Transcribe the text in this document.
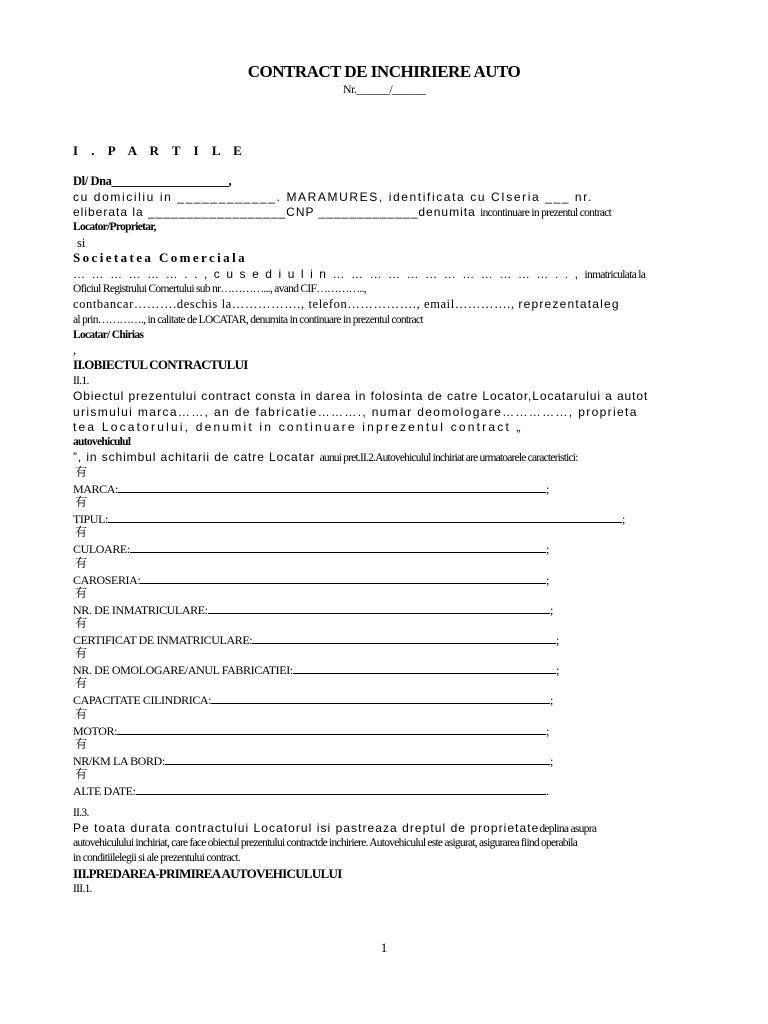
CONTRACT DE INCHIRIERE AUTO
Nr.______/______
I . P A R T I L E
Dl/ Dna____________________,
cu domiciliu in ____________. MARAMURES, identificata cu CIseria ___ nr.
eliberata la __________________CNP _____________denumita incontinuare in prezentul contract
Locator/Proprietar,
si
Societatea Comerciala
… … … … … … . . , c u s e d i u l i n … … … … … … … … … … … … . . , inmatriculata la
Oficiul Registrului Comertului sub nr…………..., avand CIF…………..,
contbancar……….deschis la……………., telefon……………., email…………., reprezentataleg
al prin…………., in calitate de LOCATAR, denumita in continuare in prezentul contract
Locatar/ Chirias
,
II.OBIECTUL CONTRACTULUI
II.1.
Obiectul prezentului contract consta in darea in folosinta de catre Locator,Locatarului a autot
urismului marca……, an de fabricatie………., numar deomologare……………, proprieta
tea Locatorului, denumit in continuare inprezentul contract „
autovehiculul
”, in schimbul achitarii de catre Locatar aunui pret.II.2.Autovehiculul inchiriat are urmatoarele caracteristici:
有
MARCA:	;
有
TIPUL:	;
有
CULOARE:	;
有
CAROSERIA:	;
有
NR. DE INMATRICULARE:	;
有
CERTIFICAT DE INMATRICULARE:	;
有
NR. DE OMOLOGARE/ANUL FABRICATIEI:	;
有
CAPACITATE CILINDRICA:	;
有
MOTOR:	;
有
NR/KM LA BORD:	;
有
ALTE DATE:	.
II.3.
Pe toata durata contractului Locatorul isi pastreaza dreptul de proprietatedeplina asupra
autovehiculului inchiriat, care face obiectul prezentului contractde inchiriere. Autovehiculul este asigurat, asigurarea fiind operabila
in conditiilelegii si ale prezentului contract.
III.PREDAREA-PRIMIREA AUTOVEHICULULUI
III.1.
1
